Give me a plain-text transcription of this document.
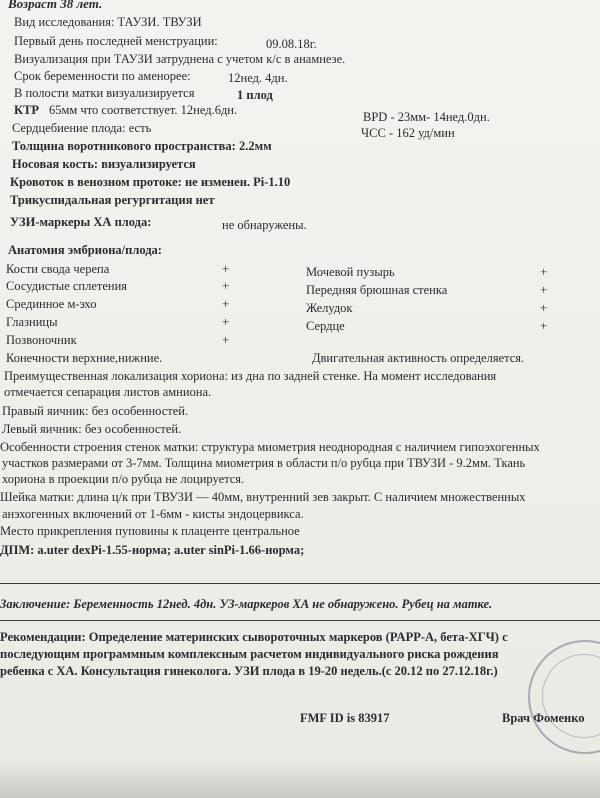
Возраст 38 лет.
Вид исследования: ТАУЗИ. ТВУЗИ
Первый день последней менструации:	09.08.18г.
Визуализация при ТАУЗИ затруднена с учетом к/с в анамнезе.
Срок беременности по аменорее:	12нед. 4дн.
В полости матки визуализируется	1 плод
КТР 65мм что соответствует. 12нед.6дн.	BPD - 23мм- 14нед.0дн.
Сердцебиение плода: есть	ЧСС - 162 уд/мин
Толщина воротникового пространства: 2.2мм
Носовая кость: визуализируется
Кровоток в венозном протоке: не изменен. Pi-1.10
Трикуспидальная регургитация нет
УЗИ-маркеры ХА плода:	не обнаружены.
Анатомия эмбриона/плода:
Кости свода черепа	+
Сосудистые сплетения	+
Срединное м-эхо	+
Глазницы	+
Позвоночник	+
Мочевой пузырь	+
Передняя брюшная стенка	+
Желудок	+
Сердце	+
Конечности верхние,нижние.	Двигательная активность определяется.
Преимущественная локализация хориона: из дна по задней стенке. На момент исследования
отмечается сепарация листов амниона.
Правый яичник: без особенностей.
Левый яичник: без особенностей.
Особенности строения стенок матки: структура миометрия неоднородная с наличием гипоэхогенных
участков размерами от 3-7мм. Толщина миометрия в области п/о рубца при ТВУЗИ - 9.2мм. Ткань
хориона в проекции п/о рубца не лоцируется.
Шейка матки: длина ц/к при ТВУЗИ — 40мм, внутренний зев закрыт. С наличием множественных
анэхогенных включений от 1-6мм - кисты эндоцервикса.
Место прикрепления пуповины к плаценте центральное
ДПМ: a.uter dexPi-1.55-норма; a.uter sinPi-1.66-норма;
Заключение: Беременность 12нед. 4дн. УЗ-маркеров ХА не обнаружено. Рубец на матке.
Рекомендации: Определение материнских сывороточных маркеров (PAPP-A, бета-ХГЧ) с
последующим программным комплексным расчетом индивидуального риска рождения
ребенка с ХА. Консультация гинеколога. УЗИ плода в 19-20 недель.(с 20.12 по 27.12.18г.)
FMF ID is 83917	Врач Фоменко
